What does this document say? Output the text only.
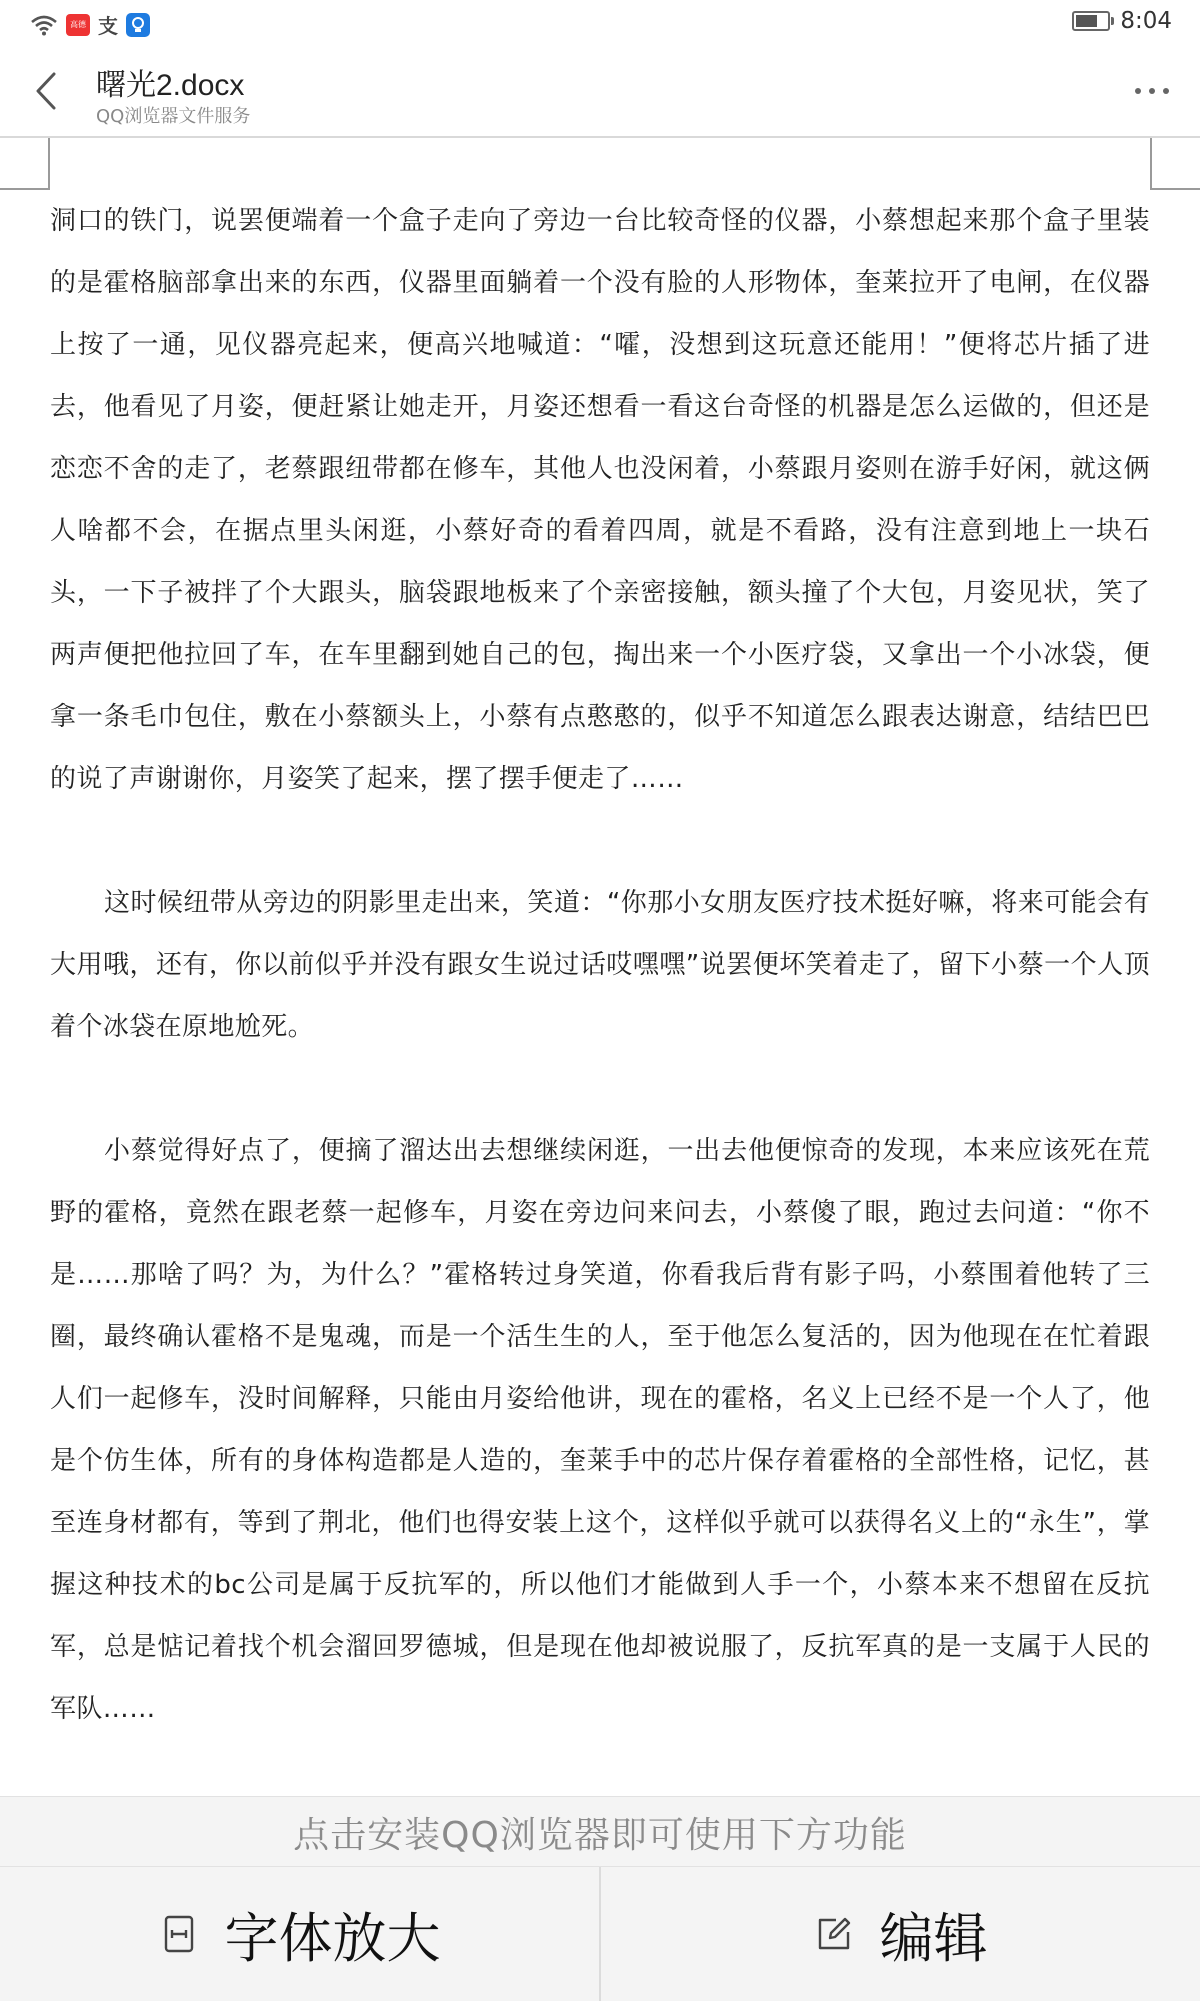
高德 支	8:04
曙光2.docx
QQ浏览器文件服务

洞口的铁门，说罢便端着一个盒子走向了旁边一台比较奇怪的仪器，小蔡想起来那个盒子里装的是霍格脑部拿出来的东西，仪器里面躺着一个没有脸的人形物体，奎莱拉开了电闸，在仪器上按了一通，见仪器亮起来，便高兴地喊道：“嚯，没想到这玩意还能用！”便将芯片插了进去，他看见了月姿，便赶紧让她走开，月姿还想看一看这台奇怪的机器是怎么运做的，但还是恋恋不舍的走了，老蔡跟纽带都在修车，其他人也没闲着，小蔡跟月姿则在游手好闲，就这俩人啥都不会，在据点里头闲逛，小蔡好奇的看着四周，就是不看路，没有注意到地上一块石头，一下子被拌了个大跟头，脑袋跟地板来了个亲密接触，额头撞了个大包，月姿见状，笑了两声便把他拉回了车，在车里翻到她自己的包，掏出来一个小医疗袋，又拿出一个小冰袋，便拿一条毛巾包住，敷在小蔡额头上，小蔡有点憨憨的，似乎不知道怎么跟表达谢意，结结巴巴的说了声谢谢你，月姿笑了起来，摆了摆手便走了……

这时候纽带从旁边的阴影里走出来，笑道：“你那小女朋友医疗技术挺好嘛，将来可能会有大用哦，还有，你以前似乎并没有跟女生说过话哎嘿嘿”说罢便坏笑着走了，留下小蔡一个人顶着个冰袋在原地尬死。

小蔡觉得好点了，便摘了溜达出去想继续闲逛，一出去他便惊奇的发现，本来应该死在荒野的霍格，竟然在跟老蔡一起修车，月姿在旁边问来问去，小蔡傻了眼，跑过去问道：“你不是……那啥了吗？为，为什么？”霍格转过身笑道，你看我后背有影子吗，小蔡围着他转了三圈，最终确认霍格不是鬼魂，而是一个活生生的人，至于他怎么复活的，因为他现在在忙着跟人们一起修车，没时间解释，只能由月姿给他讲，现在的霍格，名义上已经不是一个人了，他是个仿生体，所有的身体构造都是人造的，奎莱手中的芯片保存着霍格的全部性格，记忆，甚至连身材都有，等到了荆北，他们也得安装上这个，这样似乎就可以获得名义上的“永生”，掌握这种技术的bc公司是属于反抗军的，所以他们才能做到人手一个，小蔡本来不想留在反抗军，总是惦记着找个机会溜回罗德城，但是现在他却被说服了，反抗军真的是一支属于人民的军队……

点击安装QQ浏览器即可使用下方功能
字体放大	编辑
